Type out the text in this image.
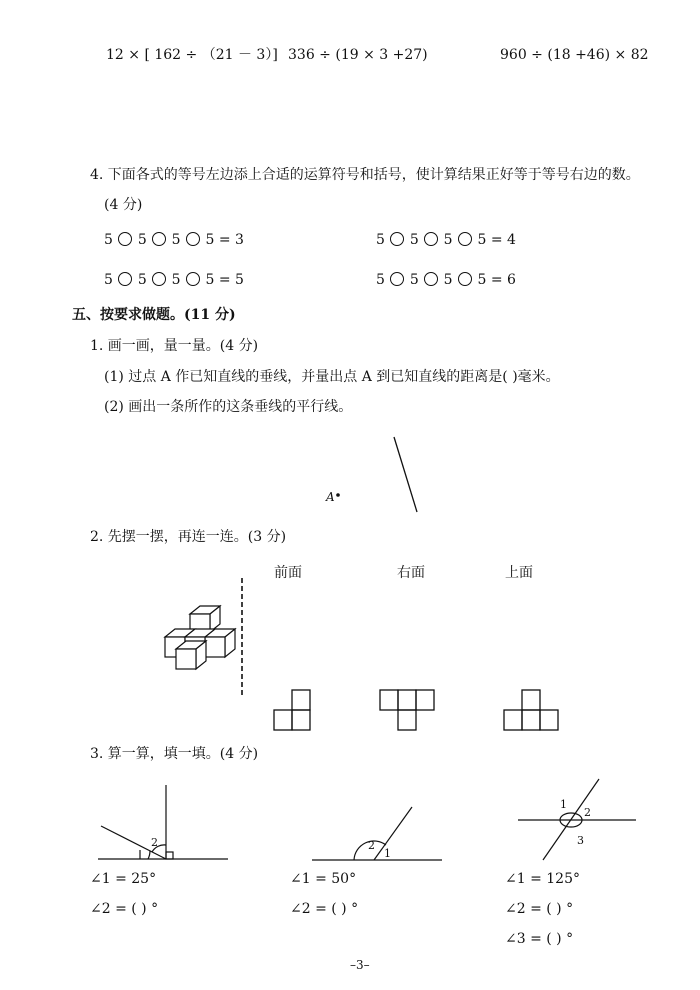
12 × [ 162 ÷ （21 － 3）] 336 ÷ (19 × 3 +27)	960 ÷ (18 +46) × 82
4. 下面各式的等号左边添上合适的运算符号和括号，使计算结果正好等于等号右边的数。
(4 分)
5 5 5 5 = 3	5 5 5 5 = 4
5 5 5 5 = 5	5 5 5 5 = 6
五、按要求做题。(11 分)
1. 画一画，量一量。(4 分)
(1) 过点 A 作已知直线的垂线，并量出点 A 到已知直线的距离是( )毫米。
(2) 画出一条所作的这条垂线的平行线。
A
2. 先摆一摆，再连一连。(3 分)
前面	右面	上面
3. 算一算，填一填。(4 分)
∠1 = 25°
∠2 = ( ) °
∠1 = 50°
∠2 = ( ) °
∠1 = 125°
∠2 = ( ) °
∠3 = ( ) °
2	2
1
1
2
3
–3–
